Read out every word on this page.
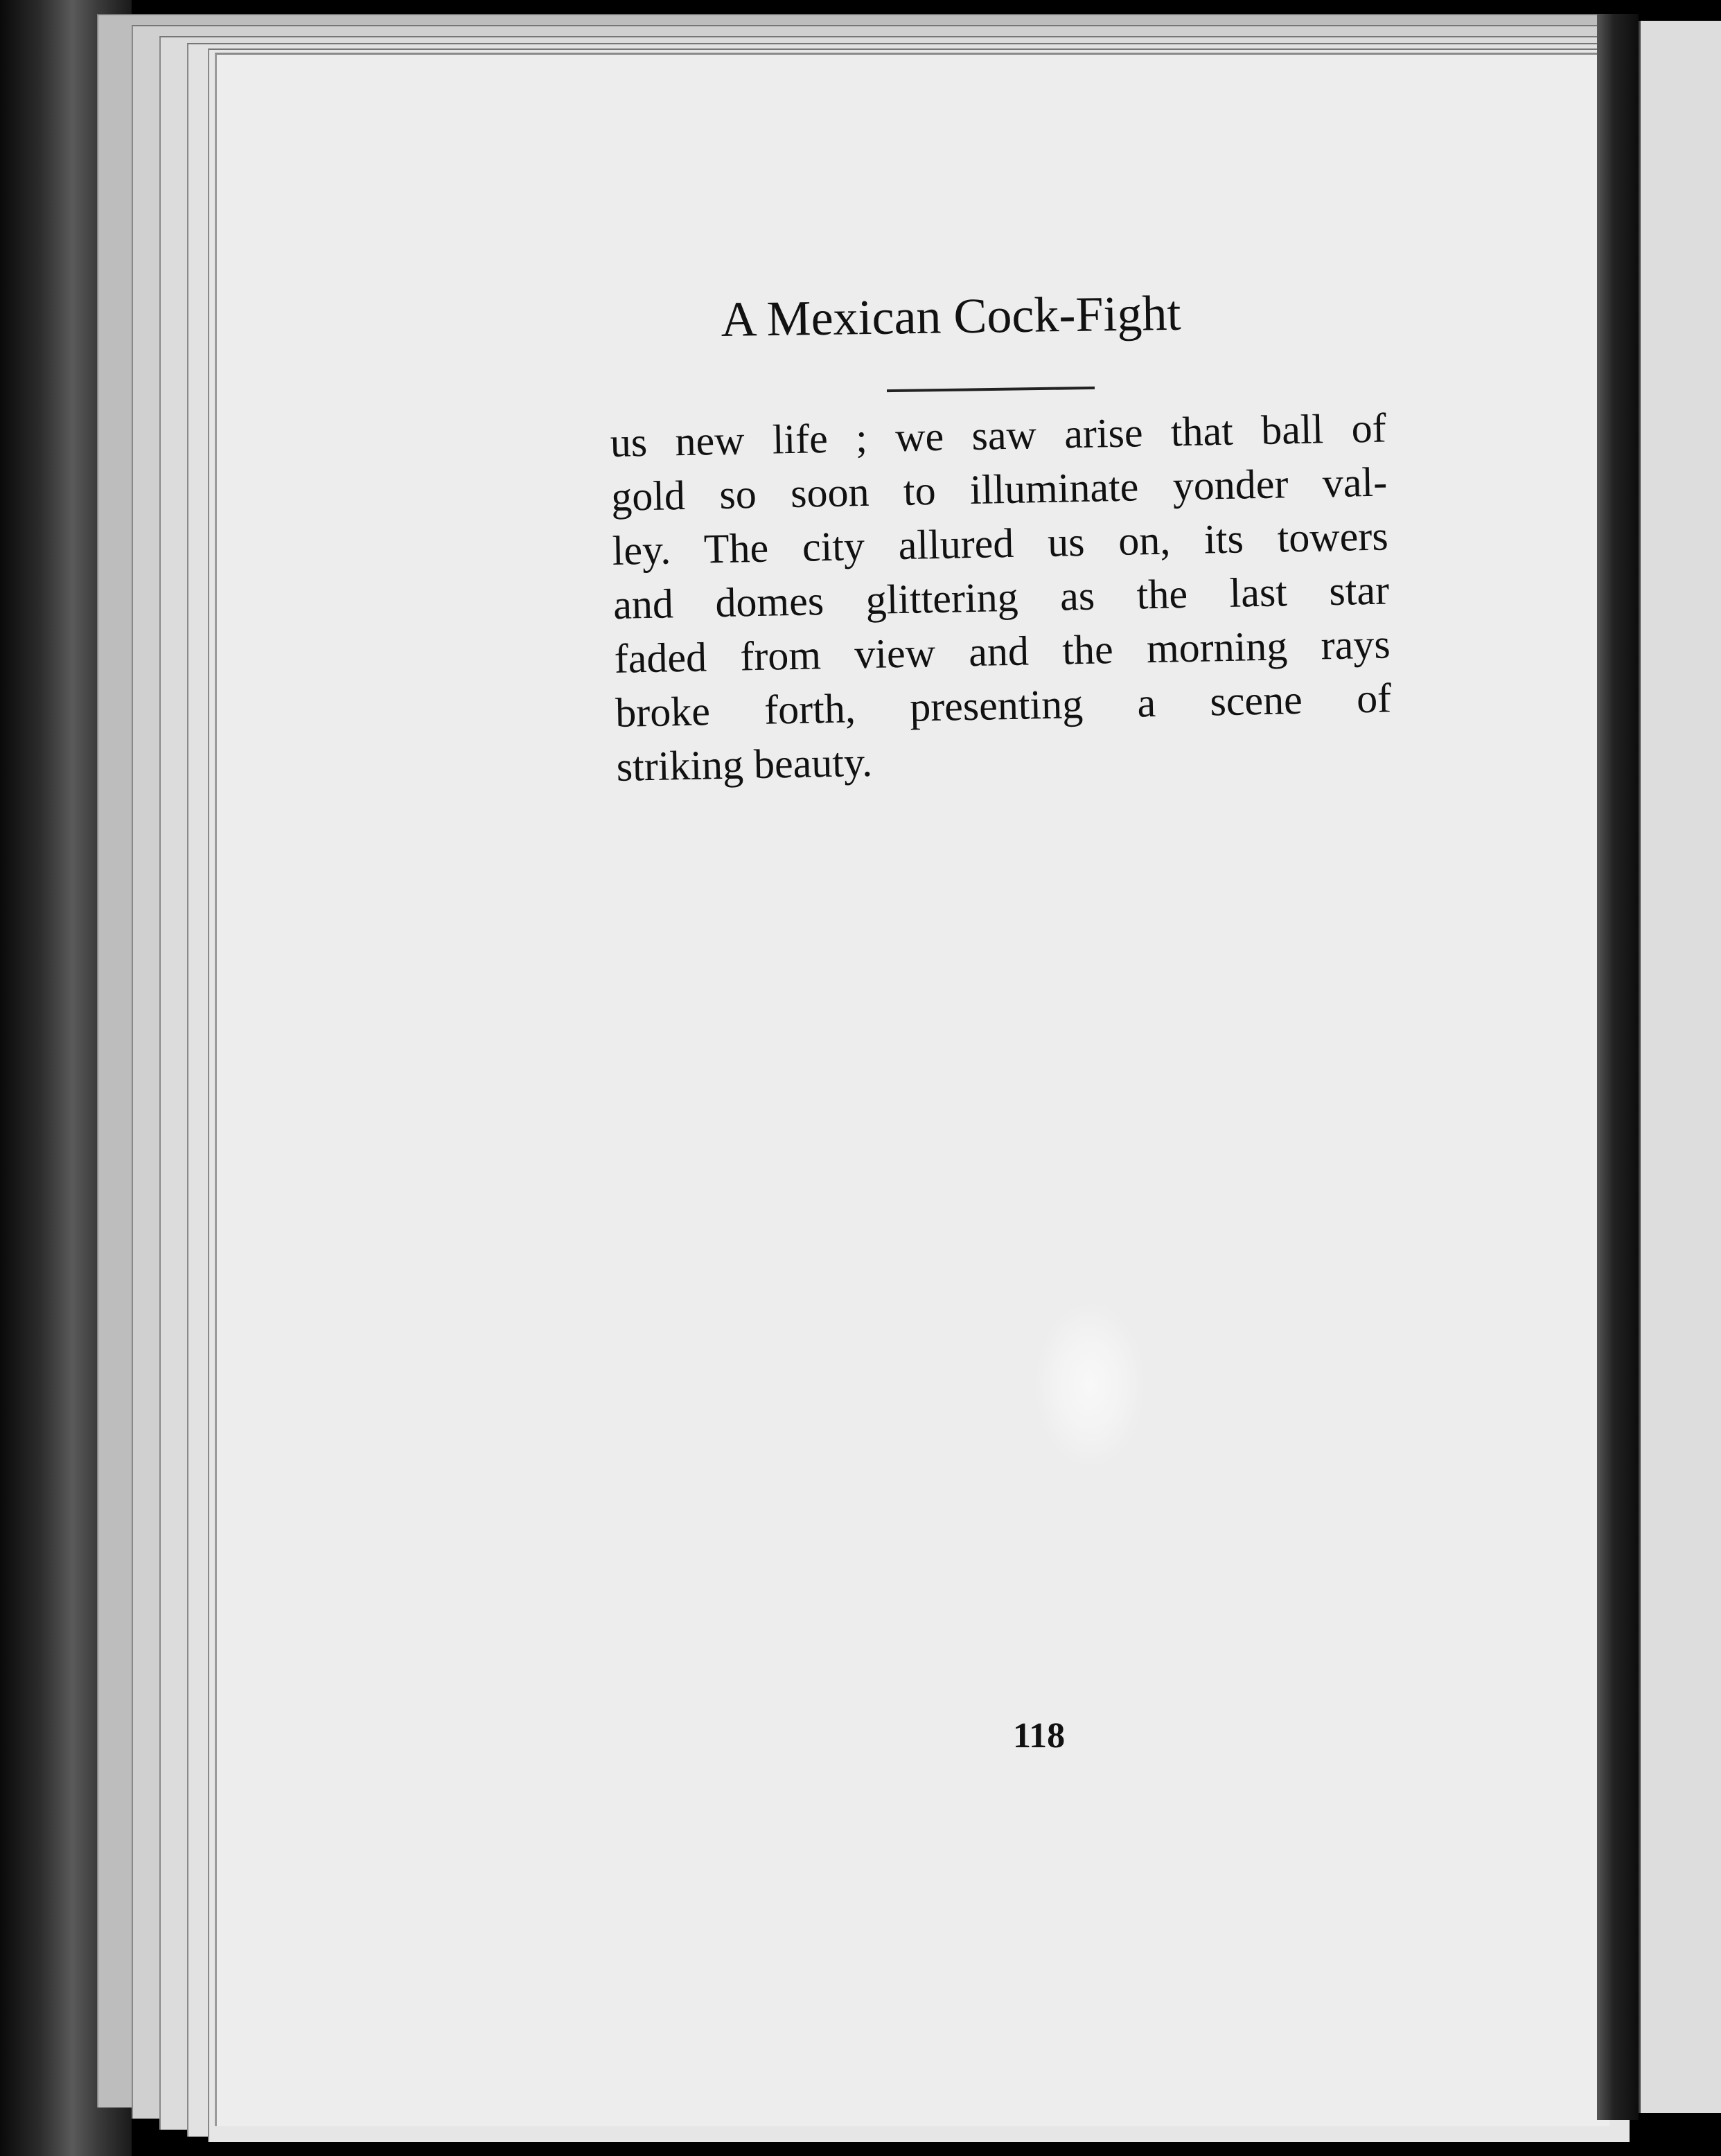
A Mexican Cock-Fight
us new life ; we saw arise that ball of
gold so soon to illuminate yonder val-
ley. The city allured us on, its towers
and domes glittering as the last star
faded from view and the morning rays
broke forth, presenting a scene of
striking beauty.
118
